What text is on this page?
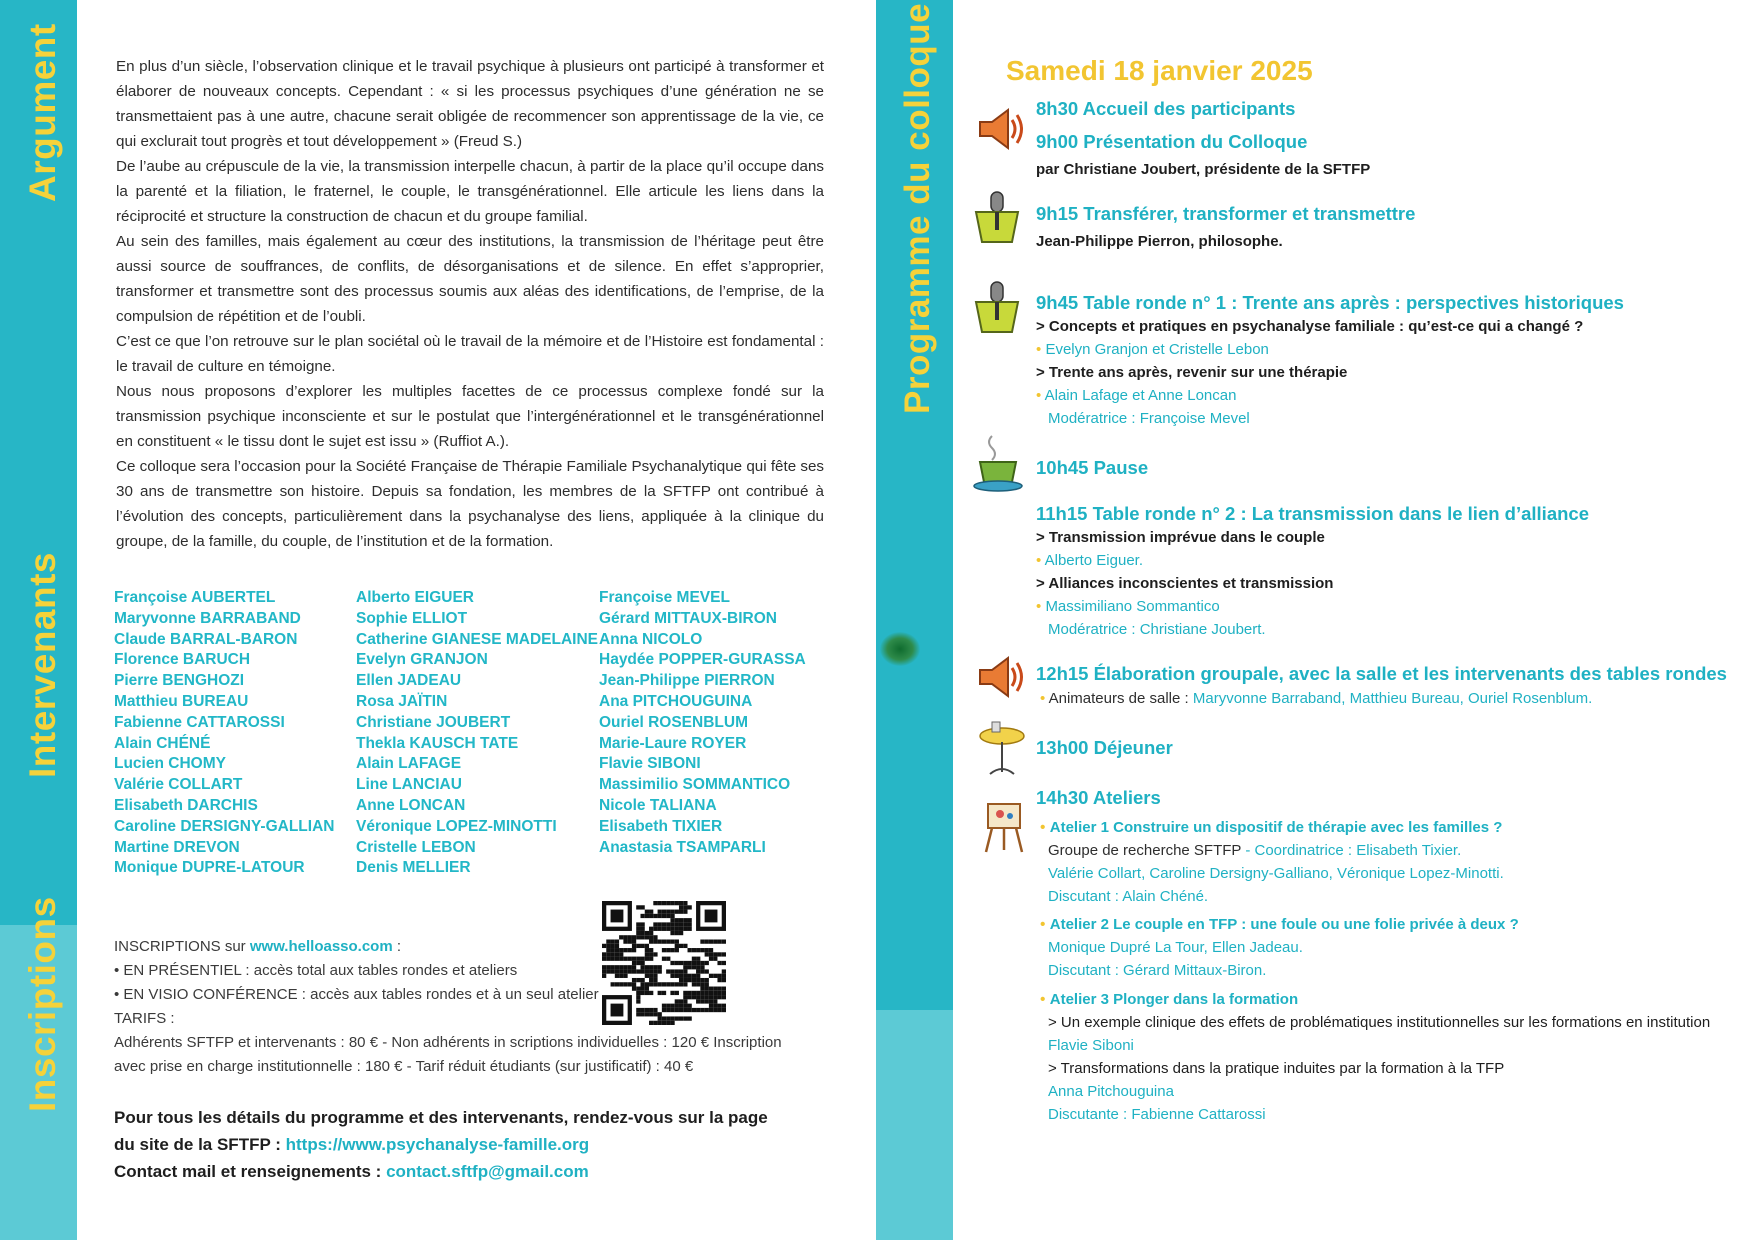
Argument
Intervenants
Inscriptions
Programme du colloque

En plus d’un siècle, l’observation clinique et le travail psychique à plusieurs ont participé à transformer et élaborer de nouveaux concepts. Cependant : « si les processus psychiques d’une génération ne se transmettaient pas à une autre, chacune serait obligée de recommencer son apprentissage de la vie, ce qui exclurait tout progrès et tout développement » (Freud S.)

De l’aube au crépuscule de la vie, la transmission interpelle chacun, à partir de la place qu’il occupe dans la parenté et la filiation, le fraternel, le couple, le transgénérationnel. Elle articule les liens dans la réciprocité et structure la construction de chacun et du groupe familial.

Au sein des familles, mais également au cœur des institutions, la transmission de l’héritage peut être aussi source de souffrances, de conflits, de désorganisations et de silence. En effet s’approprier, transformer et transmettre sont des processus soumis aux aléas des identifications, de l’emprise, de la compulsion de répétition et de l’oubli.

C’est ce que l’on retrouve sur le plan sociétal où le travail de la mémoire et de l’Histoire est fondamental : le travail de culture en témoigne.

Nous nous proposons d’explorer les multiples facettes de ce processus complexe fondé sur la transmission psychique inconsciente et sur le postulat que l’intergénérationnel et le transgénérationnel en constituent « le tissu dont le sujet est issu » (Ruffiot A.).

Ce colloque sera l’occasion pour la Société Française de Thérapie Familiale Psychanalytique qui fête ses 30 ans de transmettre son histoire. Depuis sa fondation, les membres de la SFTFP ont contribué à l’évolution des concepts, particulièrement dans la psychanalyse des liens, appliquée à la clinique du groupe, de la famille, du couple, de l’institution et de la formation.

Françoise AUBERTEL
Maryvonne BARRABAND
Claude BARRAL-BARON
Florence BARUCH
Pierre BENGHOZI
Matthieu BUREAU
Fabienne CATTAROSSI
Alain CHÉNÉ
Lucien CHOMY
Valérie COLLART
Elisabeth DARCHIS
Caroline DERSIGNY-GALLIAN
Martine DREVON
Monique DUPRE-LATOUR
Alberto EIGUER
Sophie ELLIOT
Catherine GIANESE MADELAINE
Evelyn GRANJON
Ellen JADEAU
Rosa JAÏTIN
Christiane JOUBERT
Thekla KAUSCH TATE
Alain LAFAGE
Line LANCIAU
Anne LONCAN
Véronique LOPEZ-MINOTTI
Cristelle LEBON
Denis MELLIER
Françoise MEVEL
Gérard MITTAUX-BIRON
Anna NICOLO
Haydée POPPER-GURASSA
Jean-Philippe PIERRON
Ana PITCHOUGUINA
Ouriel ROSENBLUM
Marie-Laure ROYER
Flavie SIBONI
Massimilio SOMMANTICO
Nicole TALIANA
Elisabeth TIXIER
Anastasia TSAMPARLI
INSCRIPTIONS sur www.helloasso.com :
• EN PRÉSENTIEL : accès total aux tables rondes et ateliers
• EN VISIO CONFÉRENCE : accès aux tables rondes et à un seul atelier
TARIFS :
Adhérents SFTFP et intervenants : 80 € - Non adhérents in scriptions individuelles : 120 € Inscription avec prise en charge institutionnelle : 180 € - Tarif réduit étudiants (sur justificatif) : 40 €
Pour tous les détails du programme et des intervenants, rendez-vous sur la page
du site de la SFTFP : https://www.psychanalyse-famille.org
Contact mail et renseignements : contact.sftfp@gmail.com
Samedi 18 janvier 2025
8h30 Accueil des participants
9h00 Présentation du Colloque
par Christiane Joubert, présidente de la SFTFP
9h15 Transférer, transformer et transmettre
Jean-Philippe Pierron, philosophe.
9h45 Table ronde n° 1 : Trente ans après : perspectives historiques
> Concepts et pratiques en psychanalyse familiale : qu’est-ce qui a changé ?
• Evelyn Granjon et Cristelle Lebon
> Trente ans après, revenir sur une thérapie
• Alain Lafage et Anne Loncan
Modératrice : Françoise Mevel
10h45 Pause
11h15 Table ronde n° 2 : La transmission dans le lien d’alliance
> Transmission imprévue dans le couple
• Alberto Eiguer.
> Alliances inconscientes et transmission
• Massimiliano Sommantico
Modératrice : Christiane Joubert.
12h15 Élaboration groupale, avec la salle et les intervenants des tables rondes
• Animateurs de salle : Maryvonne Barraband, Matthieu Bureau, Ouriel Rosenblum.
13h00 Déjeuner
14h30 Ateliers
• Atelier 1 Construire un dispositif de thérapie avec les familles ?
Groupe de recherche SFTFP - Coordinatrice : Elisabeth Tixier.
Valérie Collart, Caroline Dersigny-Galliano, Véronique Lopez-Minotti.
Discutant : Alain Chéné.
• Atelier 2 Le couple en TFP : une foule ou une folie privée à deux ?
Monique Dupré La Tour, Ellen Jadeau.
Discutant : Gérard Mittaux-Biron.
• Atelier 3 Plonger dans la formation
> Un exemple clinique des effets de problématiques institutionnelles sur les formations en institution
Flavie Siboni
> Transformations dans la pratique induites par la formation à la TFP
Anna Pitchouguina
Discutante : Fabienne Cattarossi
